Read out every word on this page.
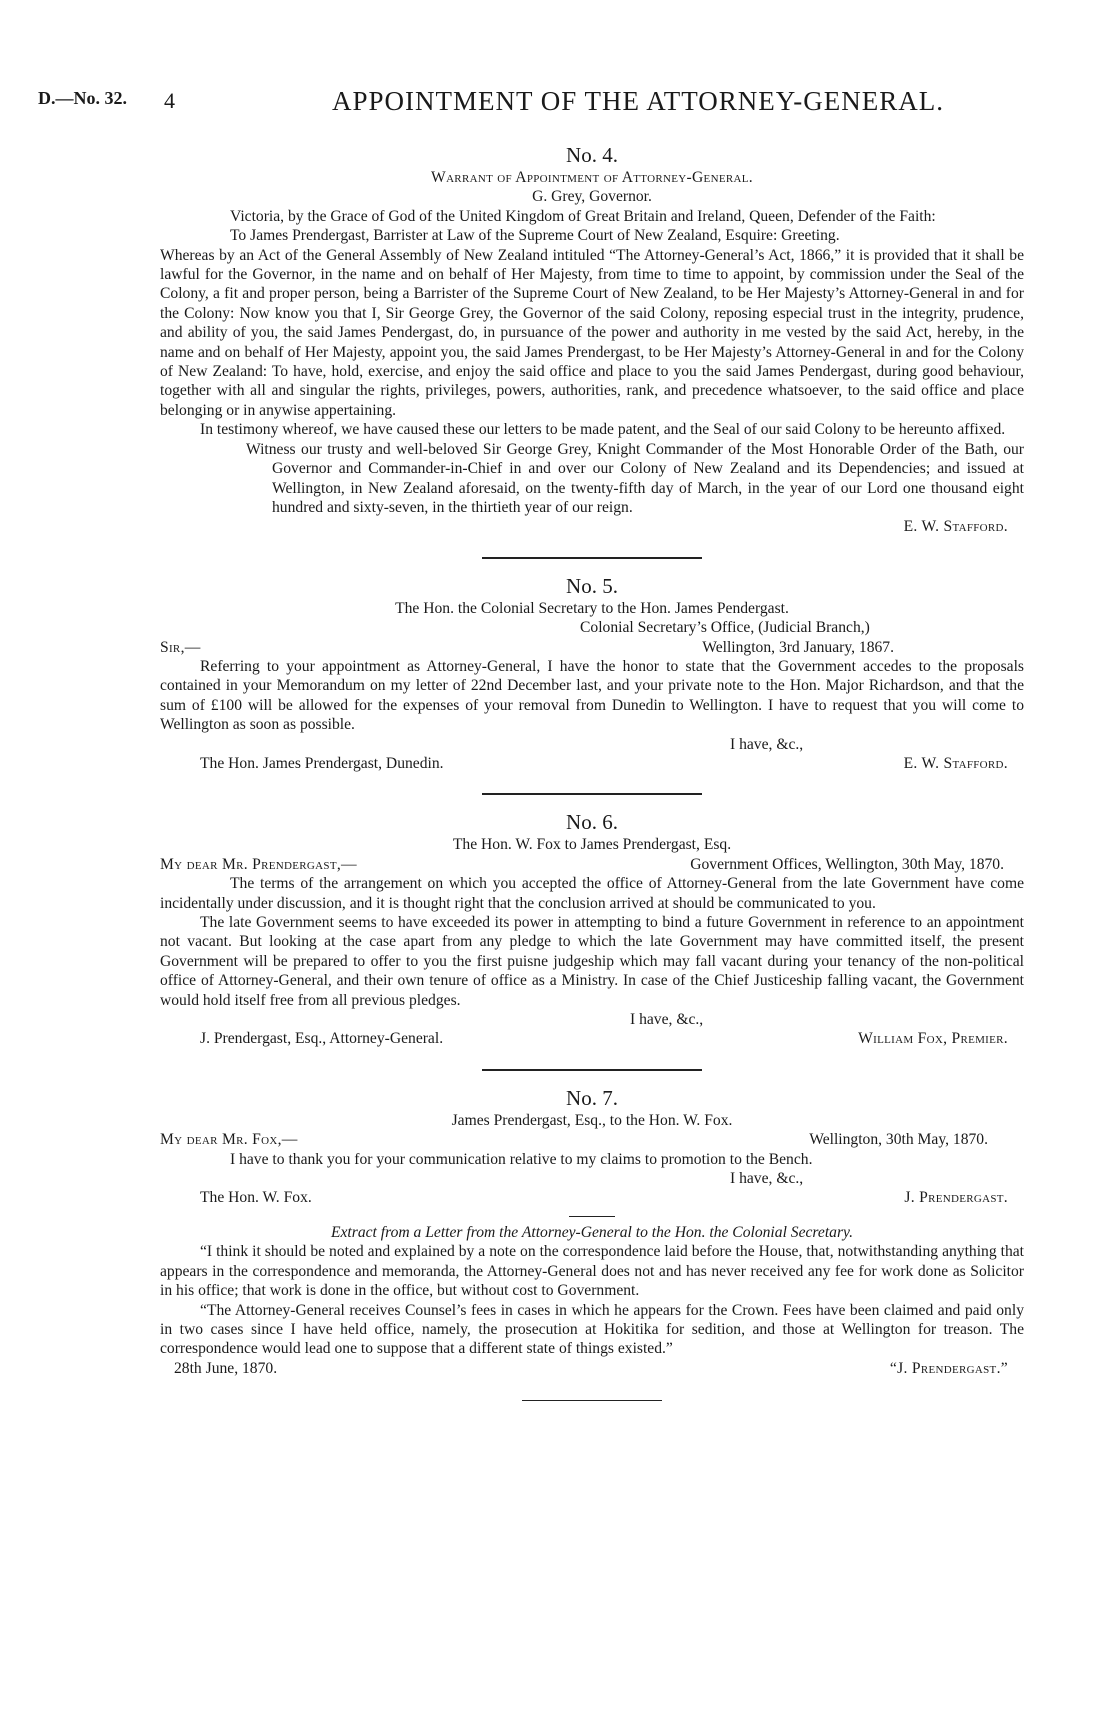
D.—No. 32. 4	APPOINTMENT OF THE ATTORNEY-GENERAL.

No. 4.

Warrant of Appointment of Attorney-General.

G. Grey, Governor.

Victoria, by the Grace of God of the United Kingdom of Great Britain and Ireland, Queen, Defender of the Faith:

To James Prendergast, Barrister at Law of the Supreme Court of New Zealand, Esquire: Greeting.

Whereas by an Act of the General Assembly of New Zealand intituled “The Attorney-General’s Act, 1866,” it is provided that it shall be lawful for the Governor, in the name and on behalf of Her Majesty, from time to time to appoint, by commission under the Seal of the Colony, a fit and proper person, being a Barrister of the Supreme Court of New Zealand, to be Her Majesty’s Attorney-General in and for the Colony: Now know you that I, Sir George Grey, the Governor of the said Colony, reposing especial trust in the integrity, prudence, and ability of you, the said James Pendergast, do, in pursuance of the power and authority in me vested by the said Act, hereby, in the name and on behalf of Her Majesty, appoint you, the said James Prendergast, to be Her Majesty’s Attorney-General in and for the Colony of New Zealand: To have, hold, exercise, and enjoy the said office and place to you the said James Pendergast, during good behaviour, together with all and singular the rights, privileges, powers, authorities, rank, and precedence whatsoever, to the said office and place belonging or in anywise appertaining.

In testimony whereof, we have caused these our letters to be made patent, and the Seal of our said Colony to be hereunto affixed.

Witness our trusty and well-beloved Sir George Grey, Knight Commander of the Most Honorable Order of the Bath, our Governor and Commander-in-Chief in and over our Colony of New Zealand and its Dependencies; and issued at Wellington, in New Zealand aforesaid, on the twenty-fifth day of March, in the year of our Lord one thousand eight hundred and sixty-seven, in the thirtieth year of our reign.

E. W. Stafford.

No. 5.

The Hon. the Colonial Secretary to the Hon. James Pendergast.

Colonial Secretary’s Office, (Judicial Branch,)

Sir,—	Wellington, 3rd January, 1867.

Referring to your appointment as Attorney-General, I have the honor to state that the Government accedes to the proposals contained in your Memorandum on my letter of 22nd December last, and your private note to the Hon. Major Richardson, and that the sum of £100 will be allowed for the expenses of your removal from Dunedin to Wellington. I have to request that you will come to Wellington as soon as possible.

I have, &c.,

The Hon. James Prendergast, Dunedin.	E. W. Stafford.

No. 6.

The Hon. W. Fox to James Prendergast, Esq.

My dear Mr. Prendergast,—	Government Offices, Wellington, 30th May, 1870.

The terms of the arrangement on which you accepted the office of Attorney-General from the late Government have come incidentally under discussion, and it is thought right that the conclusion arrived at should be communicated to you.

The late Government seems to have exceeded its power in attempting to bind a future Government in reference to an appointment not vacant. But looking at the case apart from any pledge to which the late Government may have committed itself, the present Government will be prepared to offer to you the first puisne judgeship which may fall vacant during your tenancy of the non-political office of Attorney-General, and their own tenure of office as a Ministry. In case of the Chief Justiceship falling vacant, the Government would hold itself free from all previous pledges.

I have, &c.,

J. Prendergast, Esq., Attorney-General.	William Fox, Premier.

No. 7.

James Prendergast, Esq., to the Hon. W. Fox.

My dear Mr. Fox,—	Wellington, 30th May, 1870.

I have to thank you for your communication relative to my claims to promotion to the Bench.

I have, &c.,

The Hon. W. Fox.	J. Prendergast.

Extract from a Letter from the Attorney-General to the Hon. the Colonial Secretary.

“I think it should be noted and explained by a note on the correspondence laid before the House, that, notwithstanding anything that appears in the correspondence and memoranda, the Attorney-General does not and has never received any fee for work done as Solicitor in his office; that work is done in the office, but without cost to Government.

“The Attorney-General receives Counsel’s fees in cases in which he appears for the Crown. Fees have been claimed and paid only in two cases since I have held office, namely, the prosecution at Hokitika for sedition, and those at Wellington for treason. The correspondence would lead one to suppose that a different state of things existed.”

28th June, 1870.	“J. Prendergast.”
